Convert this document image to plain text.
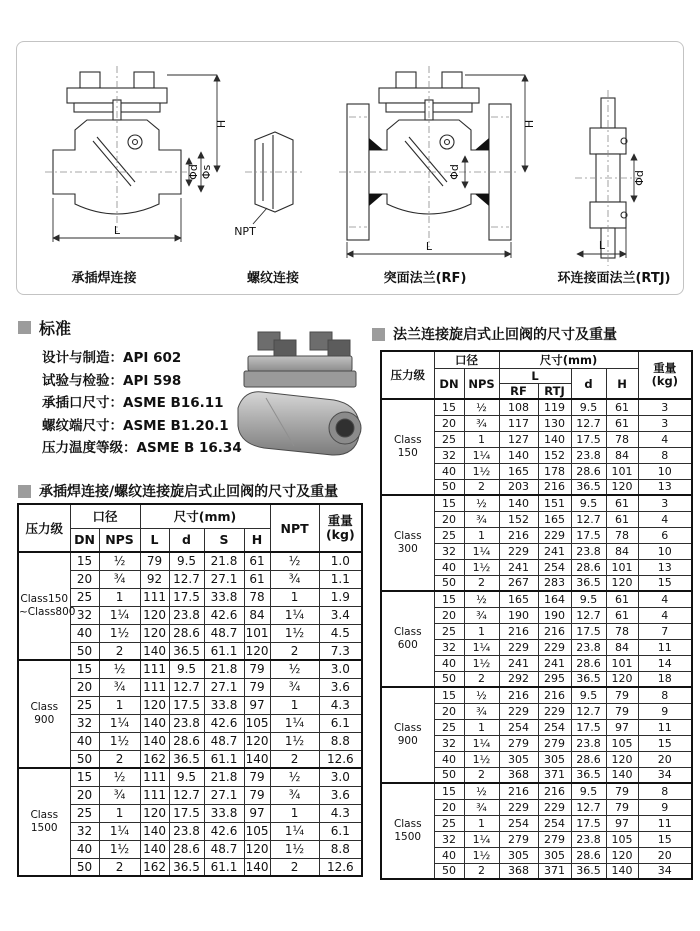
H
Φd Φs
L	NPT
H
Φd
L
Φd
L
承插焊连接	螺纹连接	突面法兰(RF)	环连接面法兰(RTJ)
标准
设计与制造：API 602
试验与检验：API 598
承插口尺寸：ASME B16.11
螺纹端尺寸：ASME B1.20.1
压力温度等级：ASME B 16.34
承插焊连接/螺纹连接旋启式止回阀的尺寸及重量
压力级	口径		尺寸(mm)				NPT	重量
(kg)

	DN	NPS	L	d	S	H		
Class150
~Class800	15	½	79	9.5	21.8	61	½	1.0
	20	¾	92	12.7	27.1	61	¾	1.1
	25	1	111	17.5	33.8	78	1	1.9
	32	1¼	120	23.8	42.6	84	1¼	3.4
	40	1½	120	28.6	48.7	101	1½	4.5
	50	2	140	36.5	61.1	120	2	7.3
Class
900	15	½	111	9.5	21.8	79	½	3.0
	20	¾	111	12.7	27.1	79	¾	3.6
	25	1	120	17.5	33.8	97	1	4.3
	32	1¼	140	23.8	42.6	105	1¼	6.1
	40	1½	140	28.6	48.7	120	1½	8.8
	50	2	162	36.5	61.1	140	2	12.6
Class
1500	15	½	111	9.5	21.8	79	½	3.0
	20	¾	111	12.7	27.1	79	¾	3.6
	25	1	120	17.5	33.8	97	1	4.3
	32	1¼	140	23.8	42.6	105	1¼	6.1
	40	1½	140	28.6	48.7	120	1½	8.8
	50	2	162	36.5	61.1	140	2	12.6
法兰连接旋启式止回阀的尺寸及重量
压力级	口径		尺寸(mm)				重量
(kg)

	DN	NPS	L		d	H	
			RF	RTJ			
Class
150	15	½	108	119	9.5	61	3
	20	¾	117	130	12.7	61	3
	25	1	127	140	17.5	78	4
	32	1¼	140	152	23.8	84	8
	40	1½	165	178	28.6	101	10
	50	2	203	216	36.5	120	13
Class
300	15	½	140	151	9.5	61	3
	20	¾	152	165	12.7	61	4
	25	1	216	229	17.5	78	6
	32	1¼	229	241	23.8	84	10
	40	1½	241	254	28.6	101	13
	50	2	267	283	36.5	120	15
Class
600	15	½	165	164	9.5	61	4
	20	¾	190	190	12.7	61	4
	25	1	216	216	17.5	78	7
	32	1¼	229	229	23.8	84	11
	40	1½	241	241	28.6	101	14
	50	2	292	295	36.5	120	18
Class
900	15	½	216	216	9.5	79	8
	20	¾	229	229	12.7	79	9
	25	1	254	254	17.5	97	11
	32	1¼	279	279	23.8	105	15
	40	1½	305	305	28.6	120	20
	50	2	368	371	36.5	140	34
Class
1500	15	½	216	216	9.5	79	8
	20	¾	229	229	12.7	79	9
	25	1	254	254	17.5	97	11
	32	1¼	279	279	23.8	105	15
	40	1½	305	305	28.6	120	20
	50	2	368	371	36.5	140	34
